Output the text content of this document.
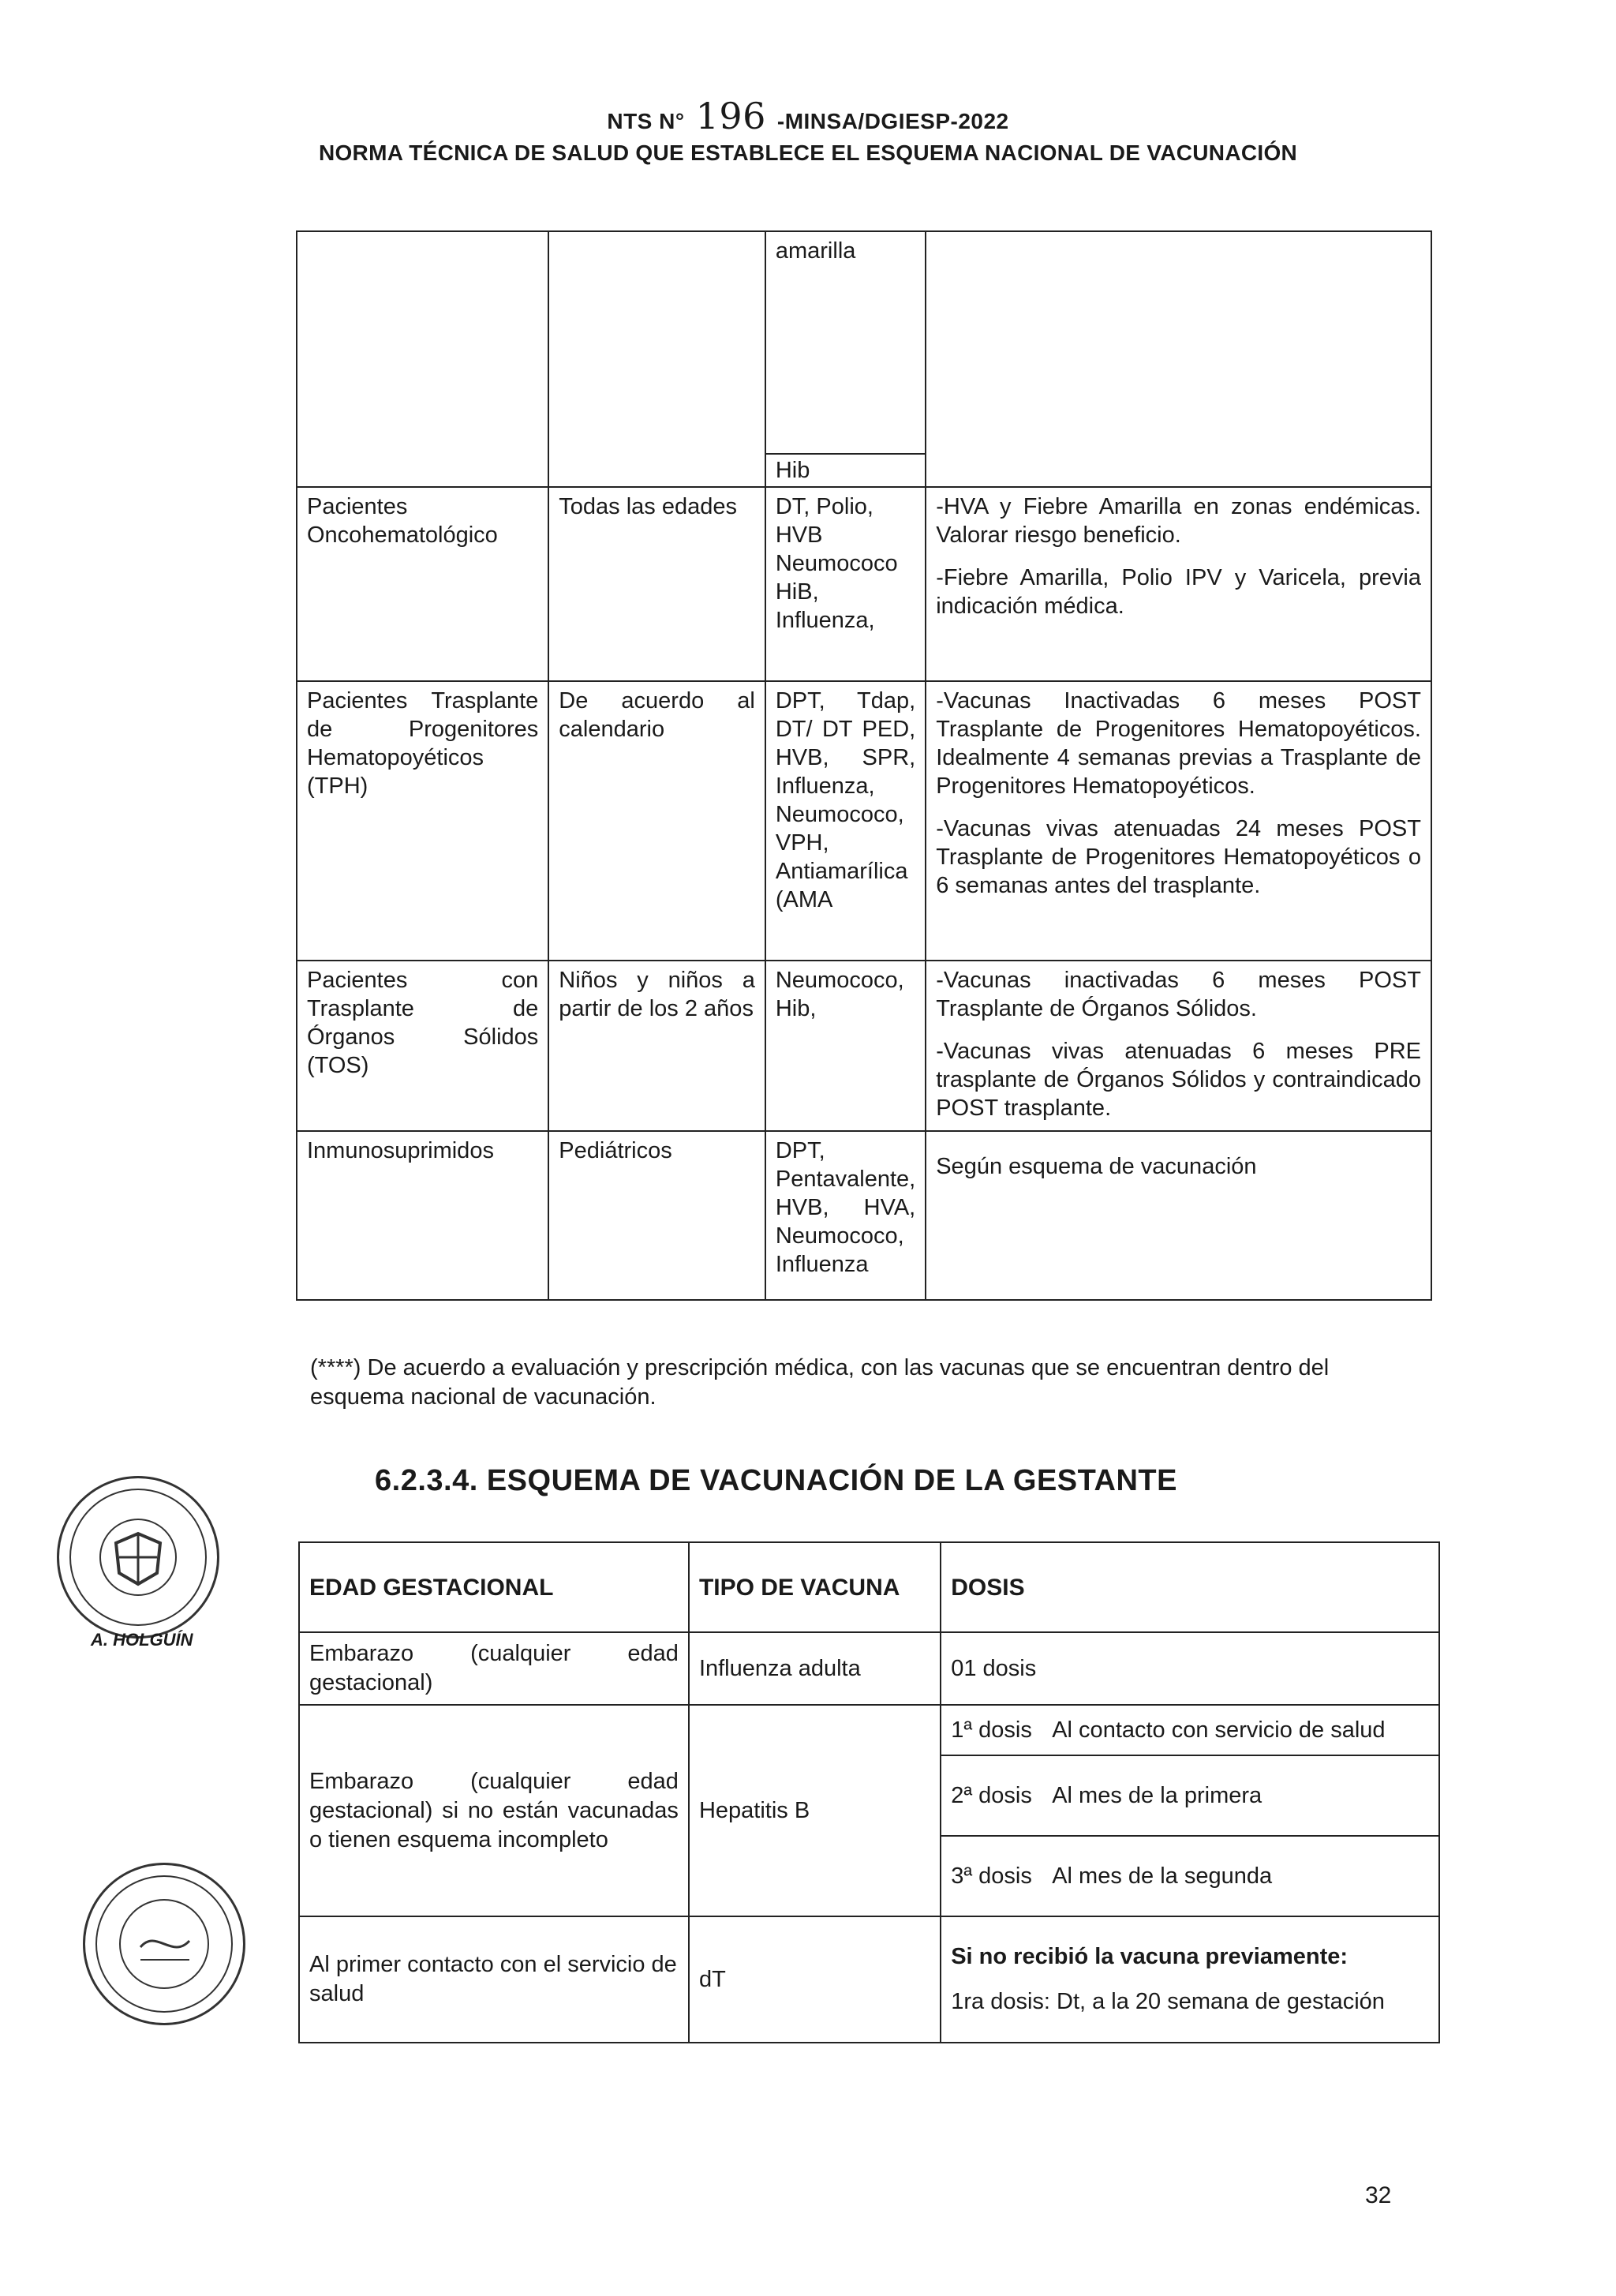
NTS N° 196 -MINSA/DGIESP-2022
NORMA TÉCNICA DE SALUD QUE ESTABLECE EL ESQUEMA NACIONAL DE VACUNACIÓN
		amarilla	
		Hib	
Pacientes Oncohematológico	Todas las edades	DT, Polio, HVB Neumococo HiB, Influenza,	-HVA y Fiebre Amarilla en zonas endémicas. Valorar riesgo beneficio.

-Fiebre Amarilla, Polio IPV y Varicela, previa indicación médica.

Pacientes Trasplante de Progenitores Hematopoyéticos (TPH)	De acuerdo al calendario	DPT, Tdap, DT/ DT PED, HVB, SPR, Influenza, Neumococo, VPH, Antiamarílica (AMA	-Vacunas Inactivadas 6 meses POST Trasplante de Progenitores Hematopoyéticos. Idealmente 4 semanas previas a Trasplante de Progenitores Hematopoyéticos.

-Vacunas vivas atenuadas 24 meses POST Trasplante de Progenitores Hematopoyéticos o 6 semanas antes del trasplante.

Pacientes con Trasplante de Órganos Sólidos (TOS)	Niños y niños a partir de los 2 años	Neumococo, Hib,	-Vacunas inactivadas 6 meses POST Trasplante de Órganos Sólidos.

-Vacunas vivas atenuadas 6 meses PRE trasplante de Órganos Sólidos y contraindicado POST trasplante.

Inmunosuprimidos	Pediátricos	DPT, Pentavalente, HVB, HVA, Neumococo, Influenza	Según esquema de vacunación

(****) De acuerdo a evaluación y prescripción médica, con las vacunas que se encuentran dentro del esquema nacional de vacunación.
6.2.3.4. ESQUEMA DE VACUNACIÓN DE LA GESTANTE
EDAD GESTACIONAL	TIPO DE VACUNA	DOSIS
Embarazo (cualquier edad gestacional)	Influenza adulta	01 dosis
Embarazo (cualquier edad gestacional) si no están vacunadas o tienen esquema incompleto	Hepatitis B	1ª dosis Al contacto con servicio de salud
		2ª dosis Al mes de la primera
		3ª dosis Al mes de la segunda
Al primer contacto con el servicio de salud	dT	Si no recibió la vacuna previamente:
1ra dosis: Dt, a la 20 semana de gestación
A. HOLGUÍN
32
